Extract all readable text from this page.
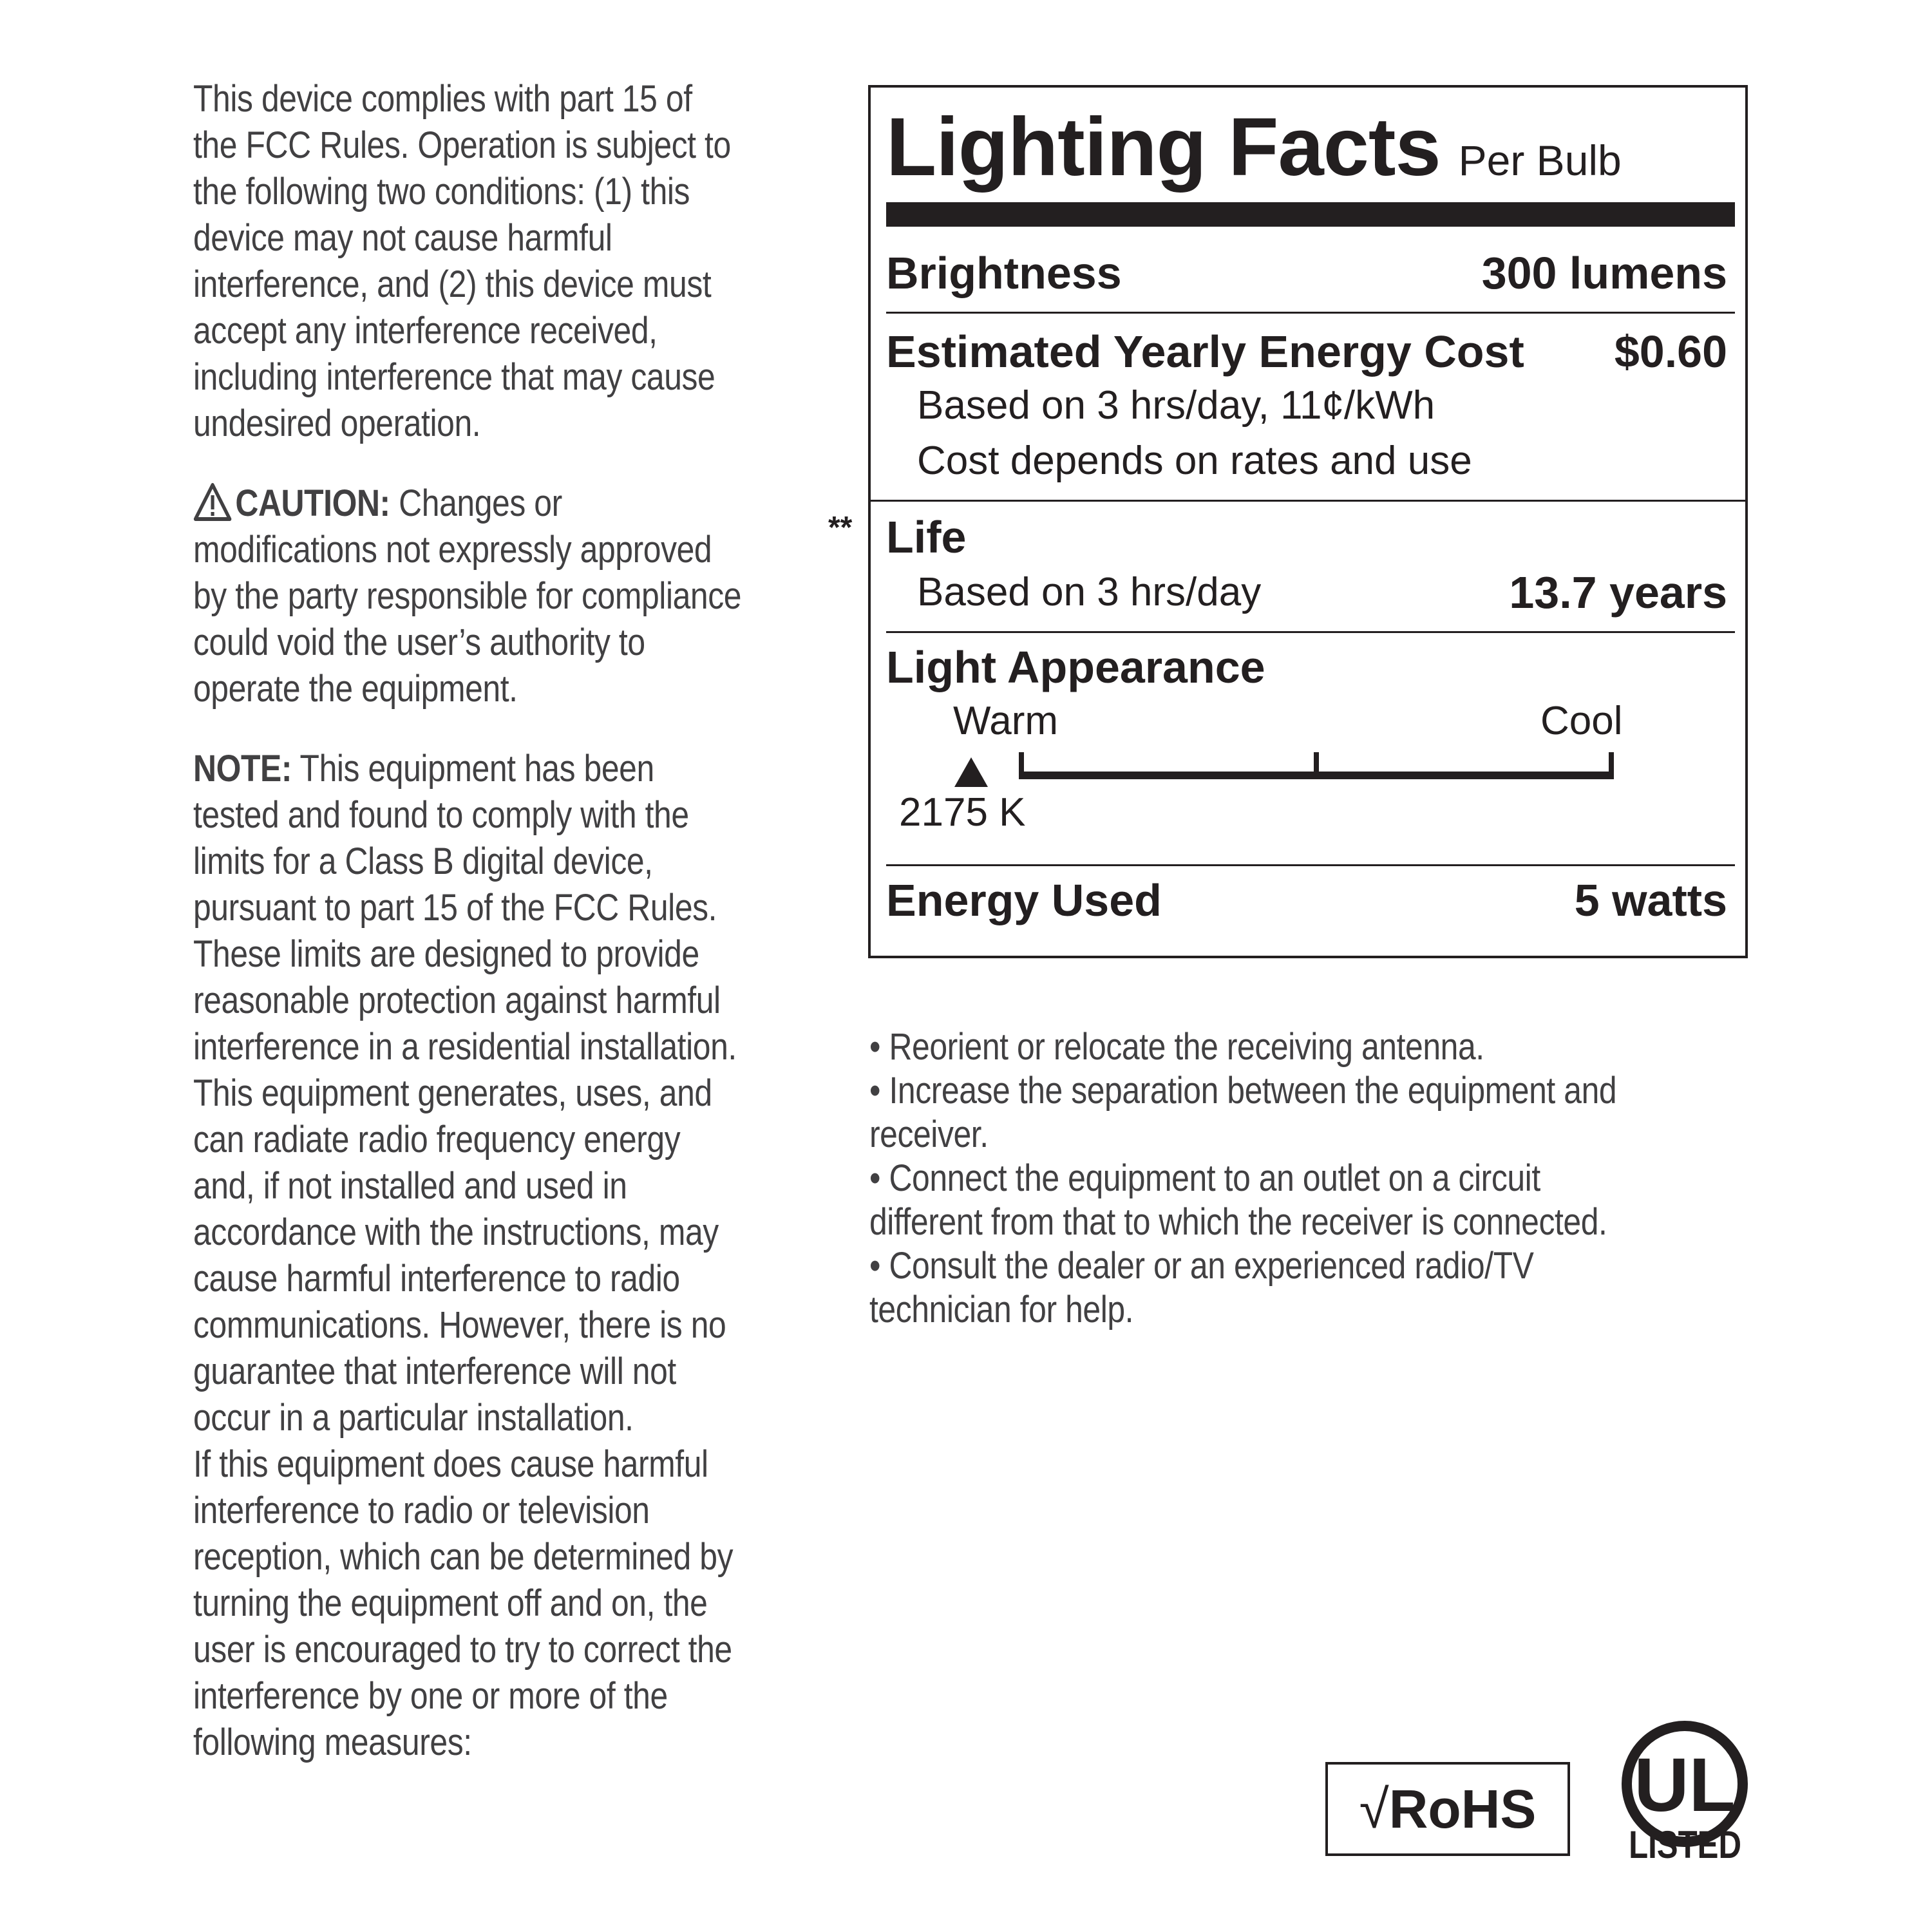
This device complies with part 15 of the FCC Rules. Operation is subject to the following two conditions: (1) this device may not cause harmful interference, and (2) this device must accept any interference received, including interference that may cause undesired operation.

CAUTION: Changes or modifications not expressly approved by the party responsible for compliance could void the user’s authority to operate the equipment.

NOTE: This equipment has been tested and found to comply with the limits for a Class B digital device, pursuant to part 15 of the FCC Rules. These limits are designed to provide reasonable protection against harmful interference in a residential installation. This equipment generates, uses, and can radiate radio frequency energy and, if not installed and used in accordance with the instructions, may cause harmful interference to radio communications. However, there is no guarantee that interference will not occur in a particular installation.

If this equipment does cause harmful interference to radio or television reception, which can be determined by turning the equipment off and on, the user is encouraged to try to correct the interference by one or more of the following measures:

**
Lighting Facts Per Bulb
Brightness	300 lumens
Estimated Yearly Energy Cost $0.60
Based on 3 hrs/day, 11¢/kWh
Cost depends on rates and use
Life
Based on 3 hrs/day	13.7 years
Light Appearance
Warm	Cool
2175 K
Energy Used	5 watts

• Reorient or relocate the receiving antenna.

• Increase the separation between the equipment and receiver.

• Connect the equipment to an outlet on a circuit different from that to which the receiver is connected.

• Consult the dealer or an experienced radio/TV technician for help.

√RoHS	UL
LISTED
